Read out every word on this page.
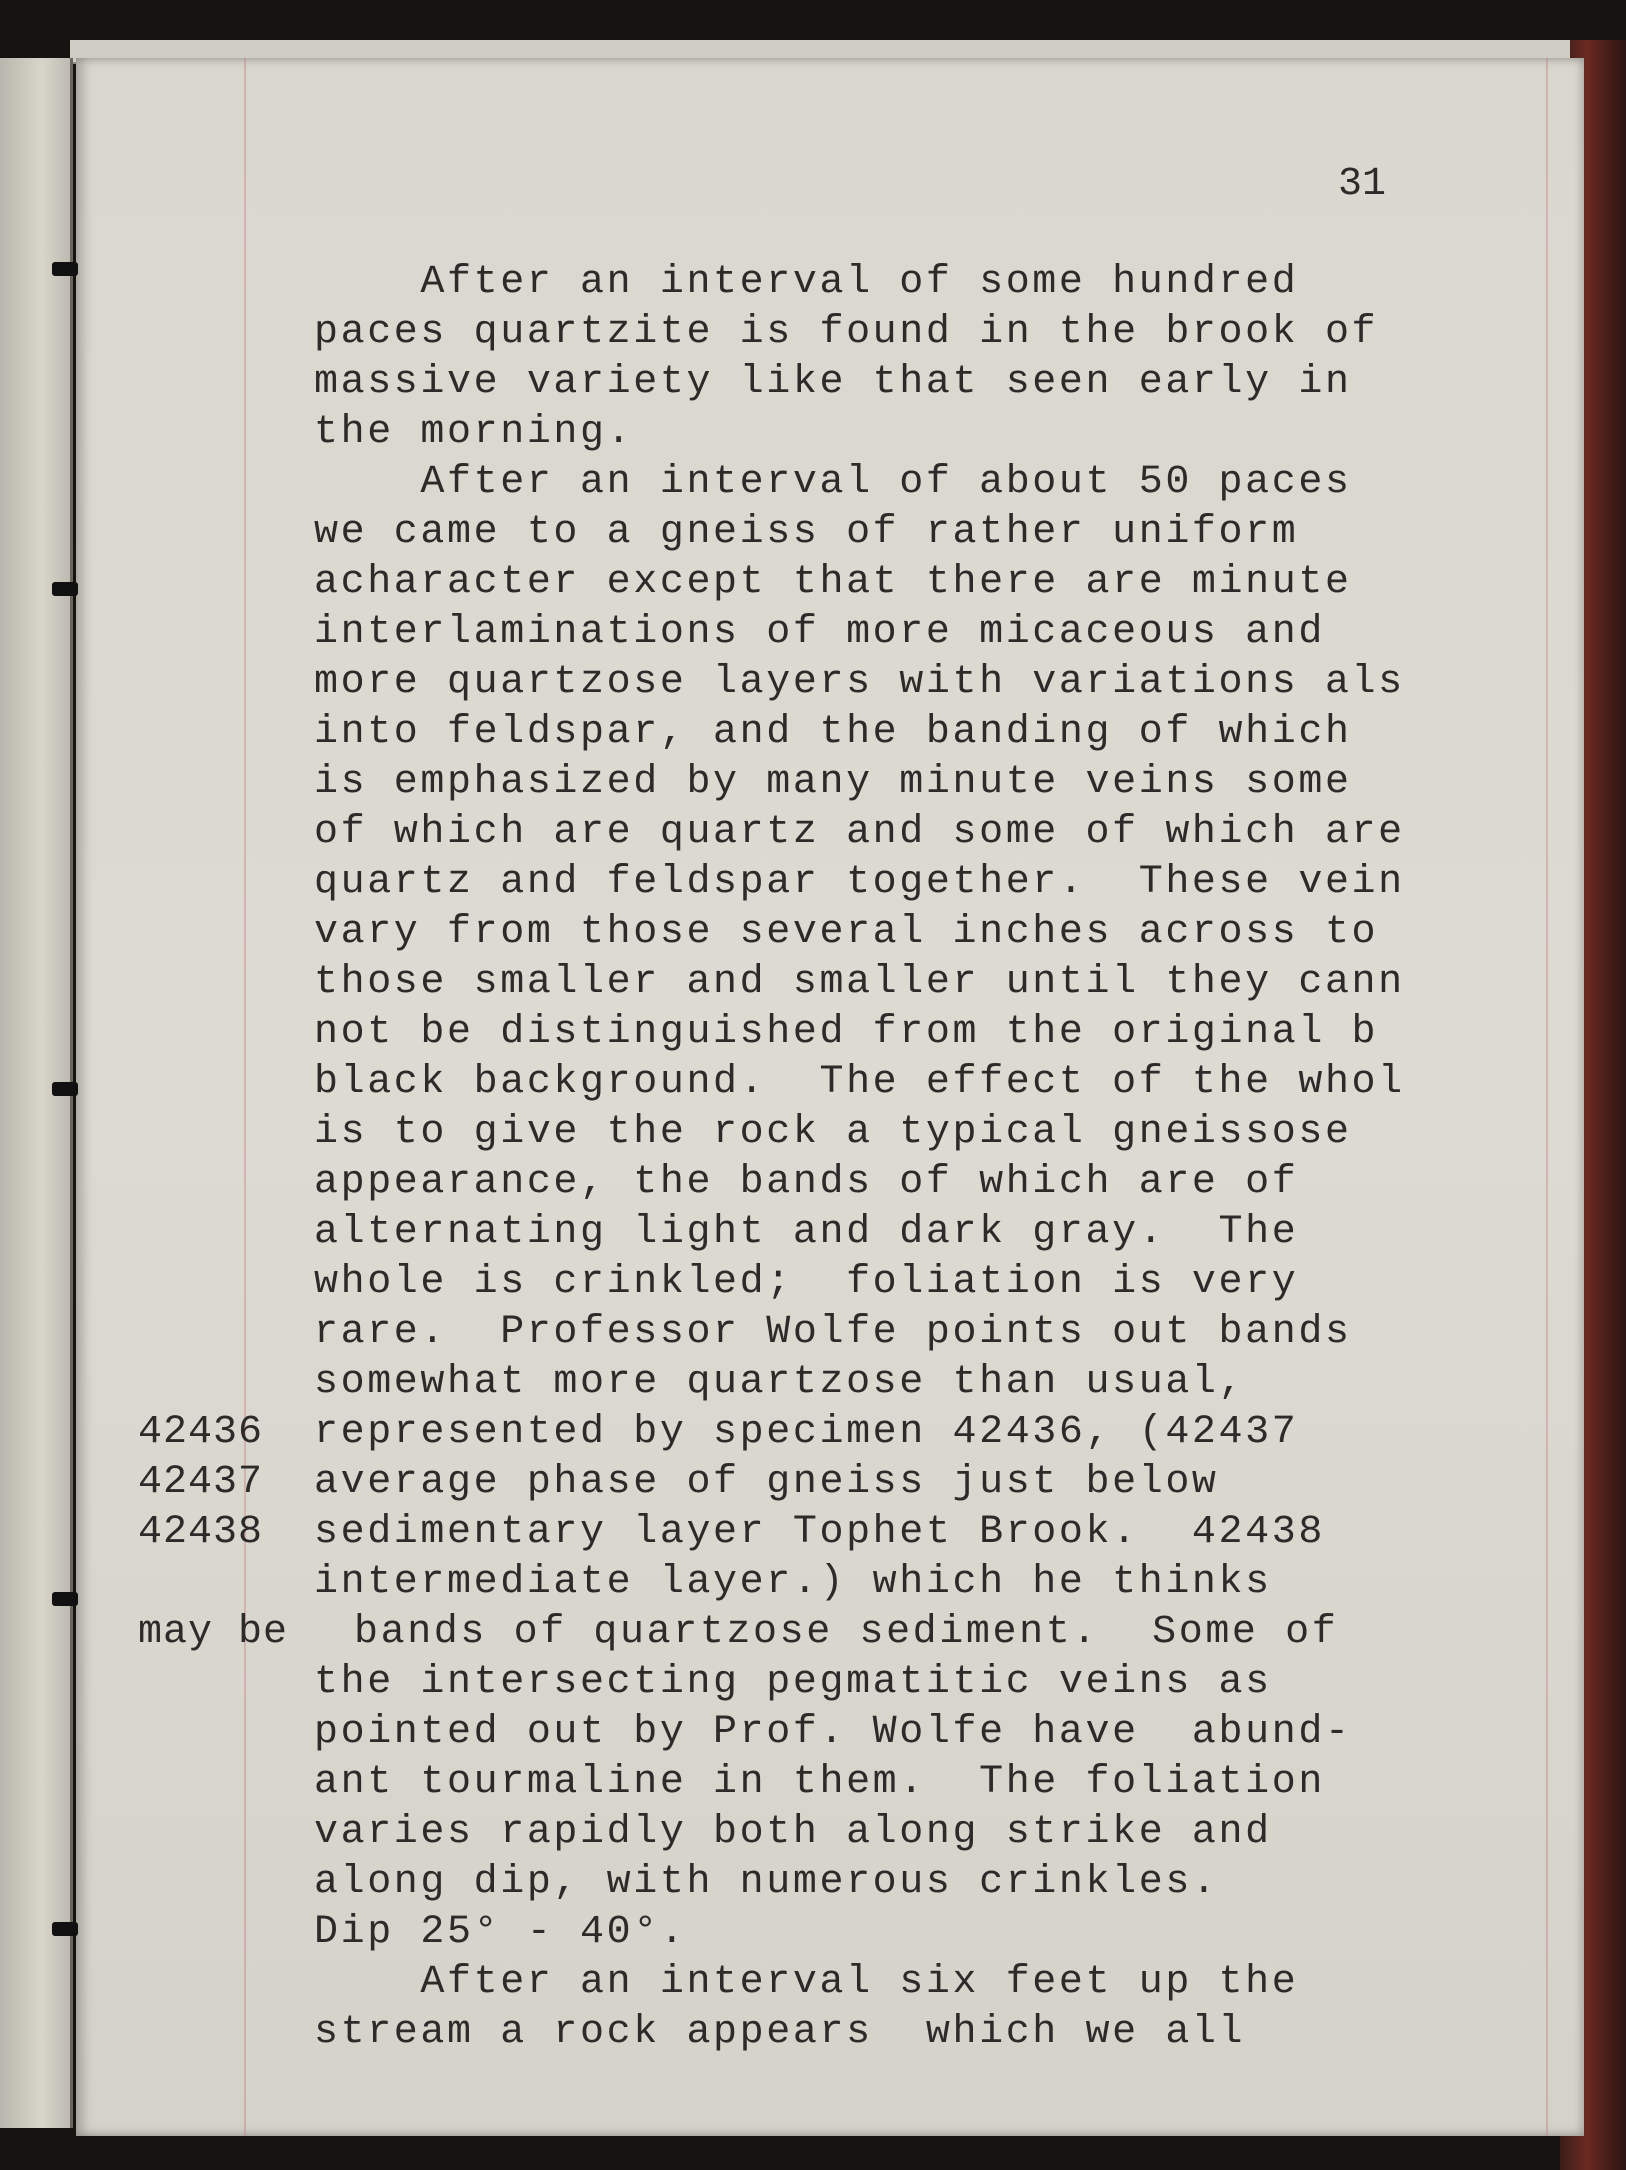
31
After an interval of some hundred
paces quartzite is found in the brook of
massive variety like that seen early in
the morning.
After an interval of about 50 paces
we came to a gneiss of rather uniform
acharacter except that there are minute
interlaminations of more micaceous and
more quartzose layers with variations als
into feldspar, and the banding of which
is emphasized by many minute veins some
of which are quartz and some of which are
quartz and feldspar together.  These vein
vary from those several inches across to
those smaller and smaller until they cann
not be distinguished from the original b
black background.  The effect of the whol
is to give the rock a typical gneissose
appearance, the bands of which are of
alternating light and dark gray.  The
whole is crinkled;  foliation is very
rare.  Professor Wolfe points out bands
somewhat more quartzose than usual,
represented by specimen 42436, (42437
average phase of gneiss just below
sedimentary layer Tophet Brook.  42438
intermediate layer.) which he thinks
bands of quartzose sediment.  Some of
the intersecting pegmatitic veins as
pointed out by Prof. Wolfe have  abund-
ant tourmaline in them.  The foliation
varies rapidly both along strike and
along dip, with numerous crinkles.
Dip 25° - 40°.
After an interval six feet up the
stream a rock appears  which we all
42436
42437
42438
may be
